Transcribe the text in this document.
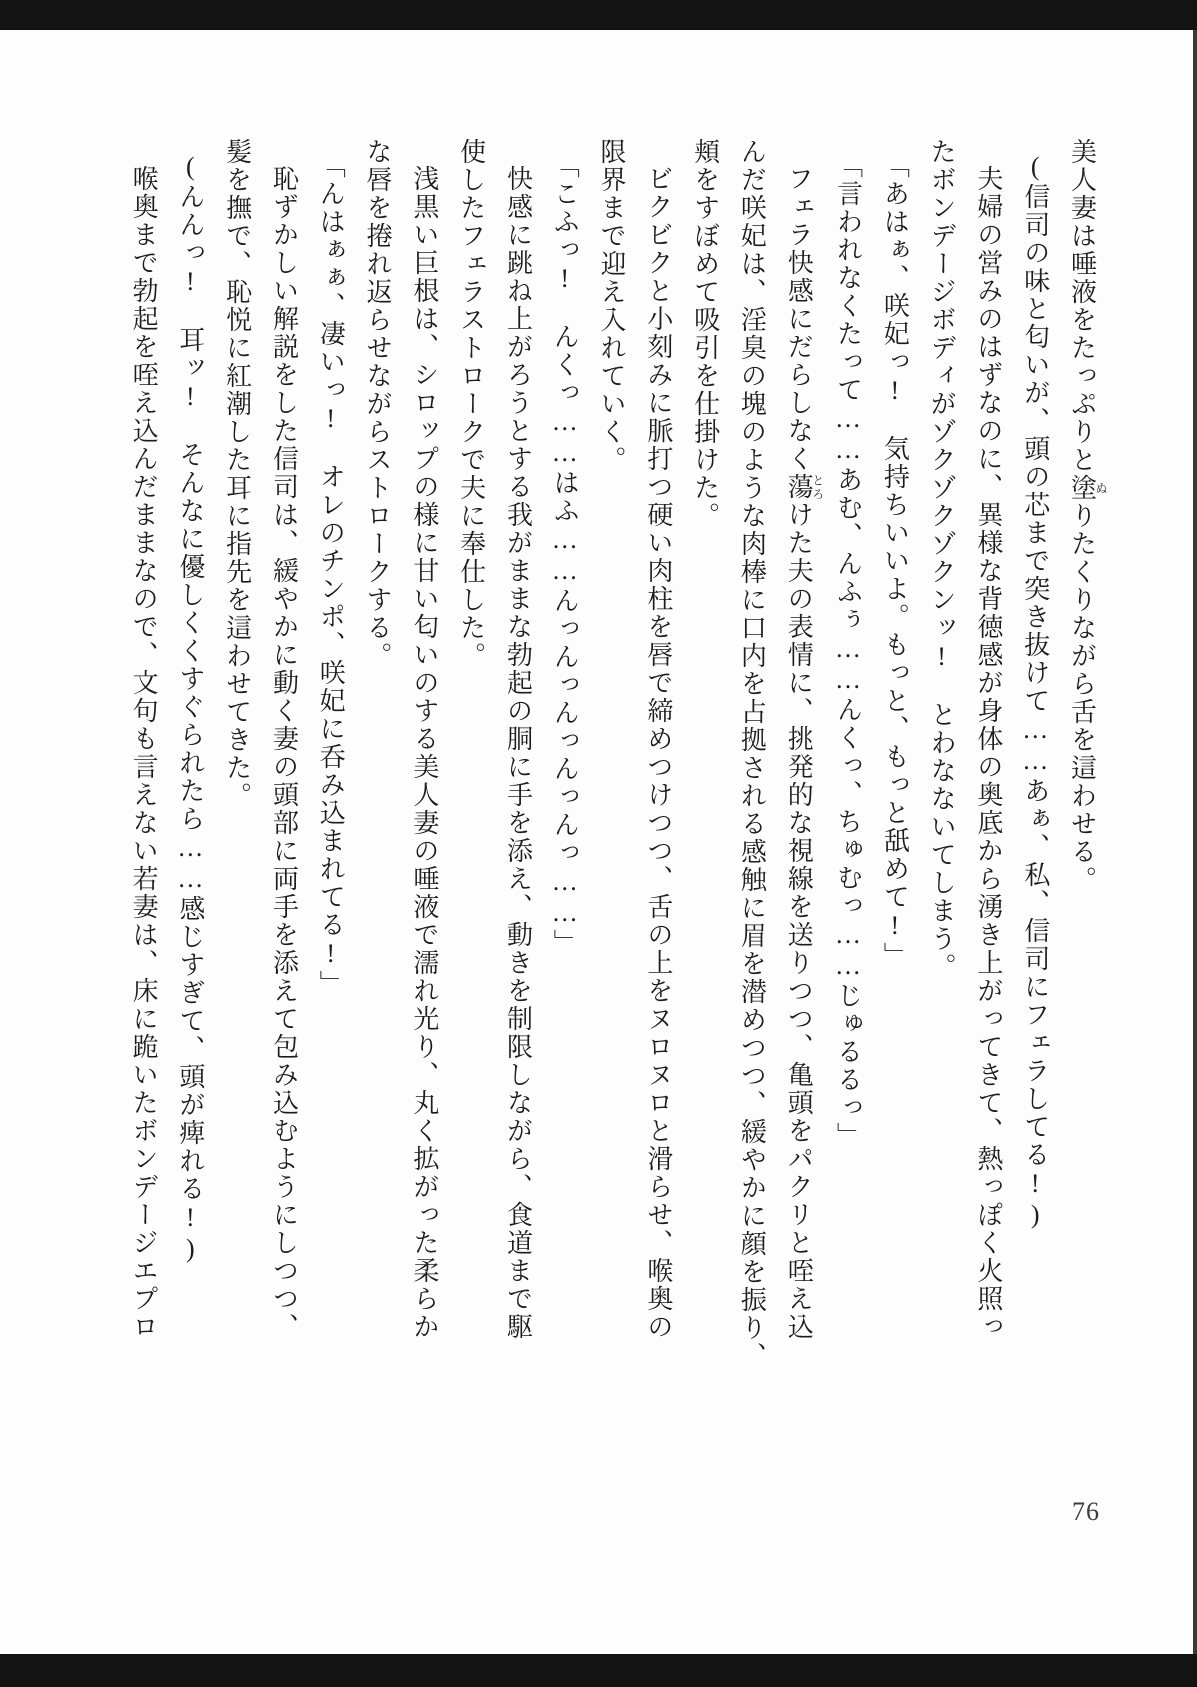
美人妻は唾液をたっぷりと塗ぬりたくりながら舌を這わせる。

(信司の味と匂いが、頭の芯まで突き抜けて……あぁ、私、信司にフェラしてる!)

夫婦の営みのはずなのに、異様な背徳感が身体の奥底から湧き上がってきて、熱っぽく火照っ

たボンデージボディがゾクゾクゾクンッ!　とわなないてしまう。

「あはぁ、咲妃っ!　気持ちいいよ。もっと、もっと舐めて!」

「言われなくたって……あむ、んふぅ……んくっ、ちゅむっ……じゅるるっ」

フェラ快感にだらしなく蕩とろけた夫の表情に、挑発的な視線を送りつつ、亀頭をパクリと咥え込

んだ咲妃は、淫臭の塊のような肉棒に口内を占拠される感触に眉を潜めつつ、緩やかに顔を振り、

頬をすぼめて吸引を仕掛けた。

ビクビクと小刻みに脈打つ硬い肉柱を唇で締めつけつつ、舌の上をヌロヌロと滑らせ、喉奥の

限界まで迎え入れていく。

「こふっ!　んくっ……はふ……んっんっんっんっんっ……」

快感に跳ね上がろうとする我がままな勃起の胴に手を添え、動きを制限しながら、食道まで駆

使したフェラストロークで夫に奉仕した。

浅黒い巨根は、シロップの様に甘い匂いのする美人妻の唾液で濡れ光り、丸く拡がった柔らか

な唇を捲れ返らせながらストロークする。

「んはぁぁ、凄いっ!　オレのチンポ、咲妃に呑み込まれてる!」

恥ずかしい解説をした信司は、緩やかに動く妻の頭部に両手を添えて包み込むようにしつつ、

髪を撫で、恥悦に紅潮した耳に指先を這わせてきた。

(んんっ!　耳ッ!　そんなに優しくくすぐられたら……感じすぎて、頭が痺れる!)

喉奥まで勃起を咥え込んだままなので、文句も言えない若妻は、床に跪いたボンデージエプロ

76
